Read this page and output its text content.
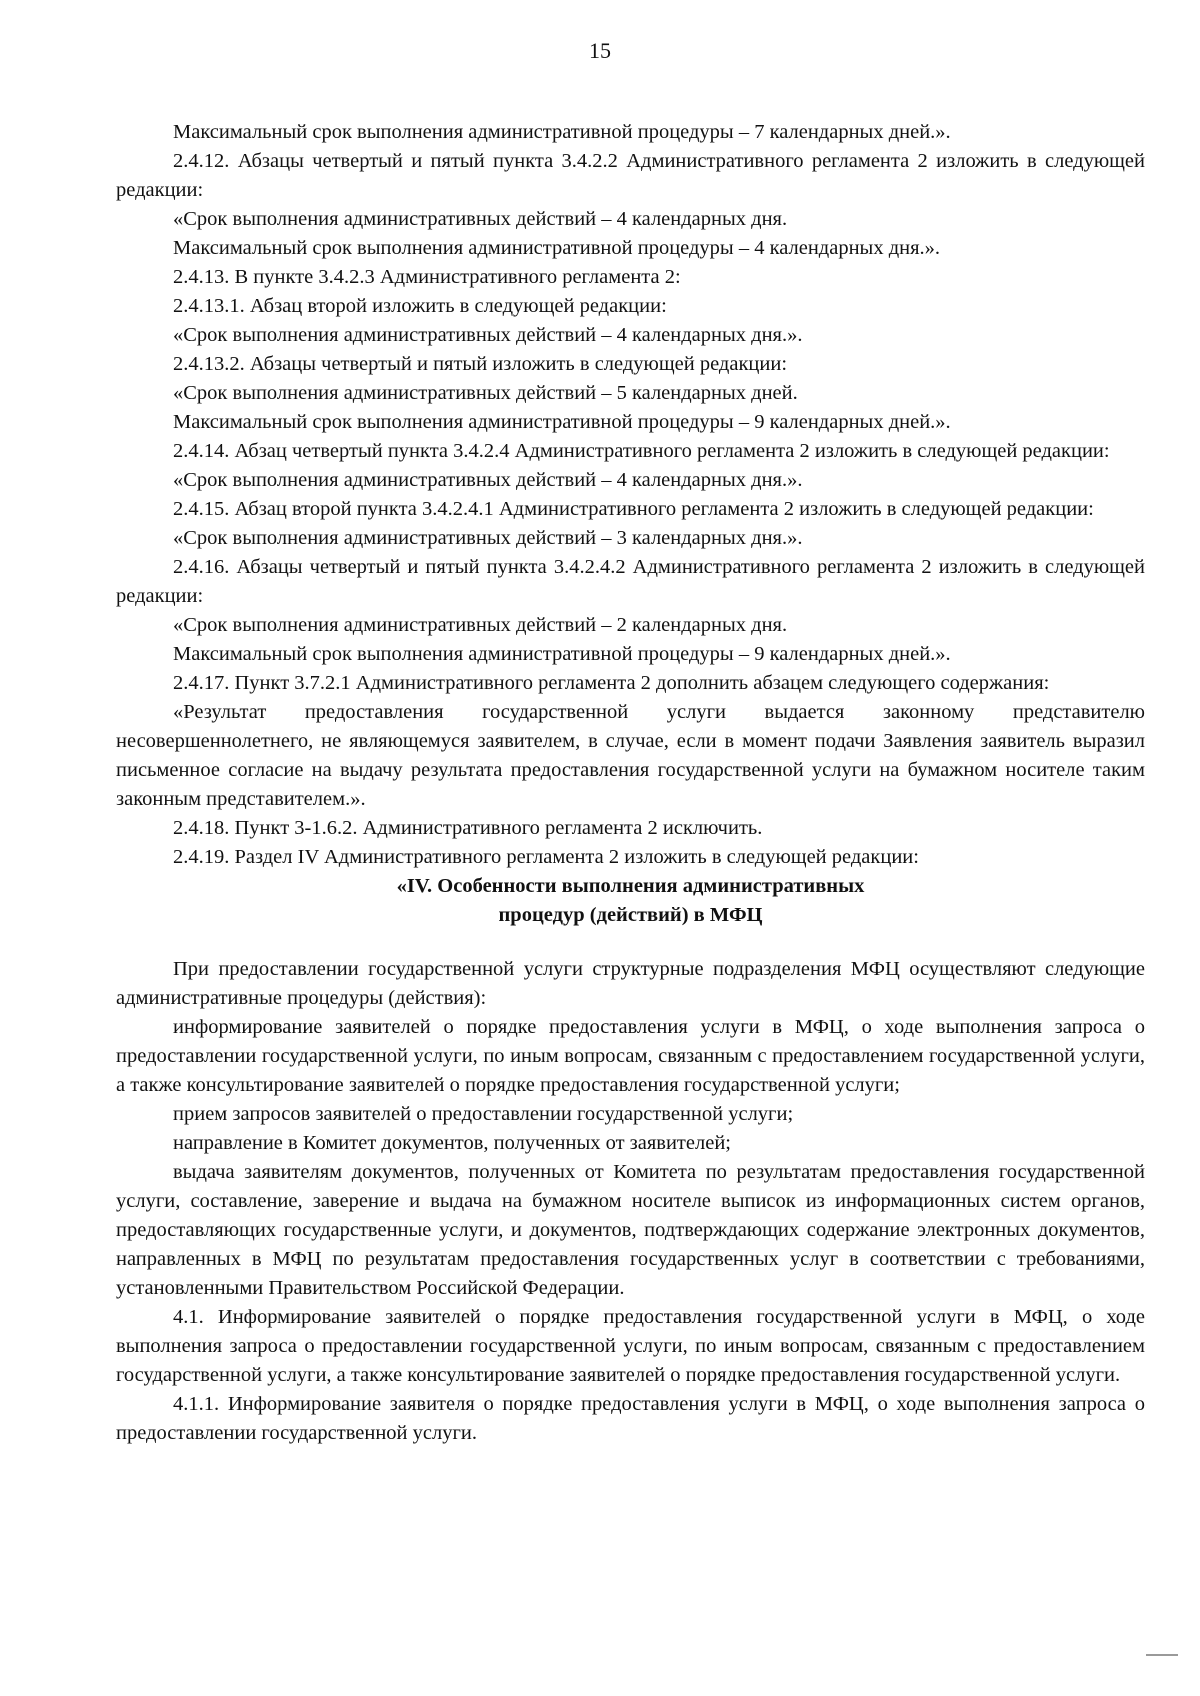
15

Максимальный срок выполнения административной процедуры – 7 календарных дней.».

2.4.12. Абзацы четвертый и пятый пункта 3.4.2.2 Административного регламента 2 изложить в следующей редакции:

«Срок выполнения административных действий – 4 календарных дня.

Максимальный срок выполнения административной процедуры – 4 календарных дня.».

2.4.13. В пункте 3.4.2.3 Административного регламента 2:

2.4.13.1. Абзац второй изложить в следующей редакции:

«Срок выполнения административных действий – 4 календарных дня.».

2.4.13.2. Абзацы четвертый и пятый изложить в следующей редакции:

«Срок выполнения административных действий – 5 календарных дней.

Максимальный срок выполнения административной процедуры – 9 календарных дней.».

2.4.14. Абзац четвертый пункта 3.4.2.4 Административного регламента 2 изложить в следующей редакции:

«Срок выполнения административных действий – 4 календарных дня.».

2.4.15. Абзац второй пункта 3.4.2.4.1 Административного регламента 2 изложить в следующей редакции:

«Срок выполнения административных действий – 3 календарных дня.».

2.4.16. Абзацы четвертый и пятый пункта 3.4.2.4.2 Административного регламента 2 изложить в следующей редакции:

«Срок выполнения административных действий – 2 календарных дня.

Максимальный срок выполнения административной процедуры – 9 календарных дней.».

2.4.17. Пункт 3.7.2.1 Административного регламента 2 дополнить абзацем следующего содержания:

«Результат предоставления государственной услуги выдается законному представителю несовершеннолетнего, не являющемуся заявителем, в случае, если в момент подачи Заявления заявитель выразил письменное согласие на выдачу результата предоставления государственной услуги на бумажном носителе таким законным представителем.».

2.4.18. Пункт 3-1.6.2. Административного регламента 2 исключить.

2.4.19. Раздел IV Административного регламента 2 изложить в следующей редакции:

«IV. Особенности выполнения административных
процедур (действий) в МФЦ

При предоставлении государственной услуги структурные подразделения МФЦ осуществляют следующие административные процедуры (действия):

информирование заявителей о порядке предоставления услуги в МФЦ, о ходе выполнения запроса о предоставлении государственной услуги, по иным вопросам, связанным с предоставлением государственной услуги, а также консультирование заявителей о порядке предоставления государственной услуги;

прием запросов заявителей о предоставлении государственной услуги;

направление в Комитет документов, полученных от заявителей;

выдача заявителям документов, полученных от Комитета по результатам предоставления государственной услуги, составление, заверение и выдача на бумажном носителе выписок из информационных систем органов, предоставляющих государственные услуги, и документов, подтверждающих содержание электронных документов, направленных в МФЦ по результатам предоставления государственных услуг в соответствии с требованиями, установленными Правительством Российской Федерации.

4.1. Информирование заявителей о порядке предоставления государственной услуги в МФЦ, о ходе выполнения запроса о предоставлении государственной услуги, по иным вопросам, связанным с предоставлением государственной услуги, а также консультирование заявителей о порядке предоставления государственной услуги.

4.1.1. Информирование заявителя о порядке предоставления услуги в МФЦ, о ходе выполнения запроса о предоставлении государственной услуги.
